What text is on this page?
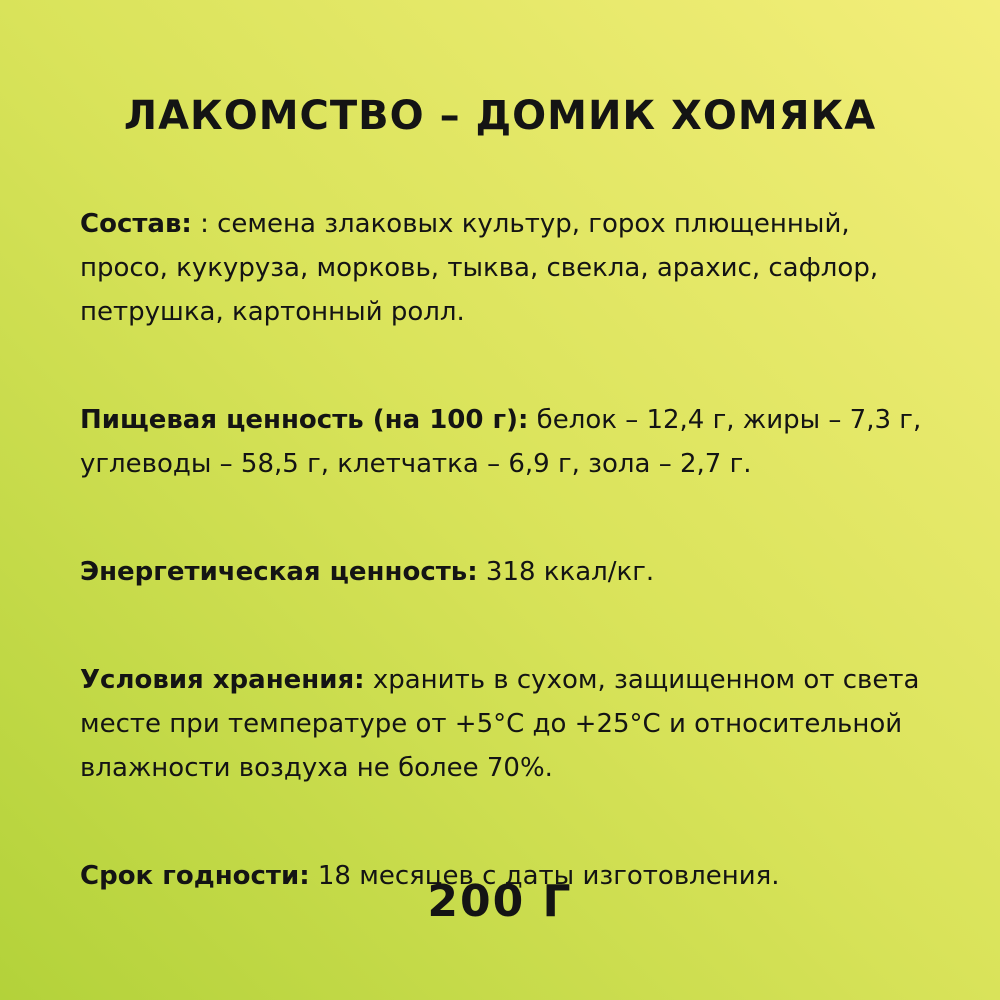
ЛАКОМСТВО – ДОМИК ХОМЯКА

Состав: : семена злаковых культур, горох плющенный, просо, кукуруза, морковь, тыква, свекла, арахис, сафлор, петрушка, картонный ролл.

Пищевая ценность (на 100 г): белок – 12,4 г, жиры – 7,3 г, углеводы – 58,5 г, клетчатка – 6,9 г, зола – 2,7 г.

Энергетическая ценность: 318 ккал/кг.

Условия хранения: хранить в сухом, защищенном от света месте при температуре от +5°С до +25°С и относительной влажности воздуха не более 70%.

Срок годности: 18 месяцев с даты изготовления.

200 Г
